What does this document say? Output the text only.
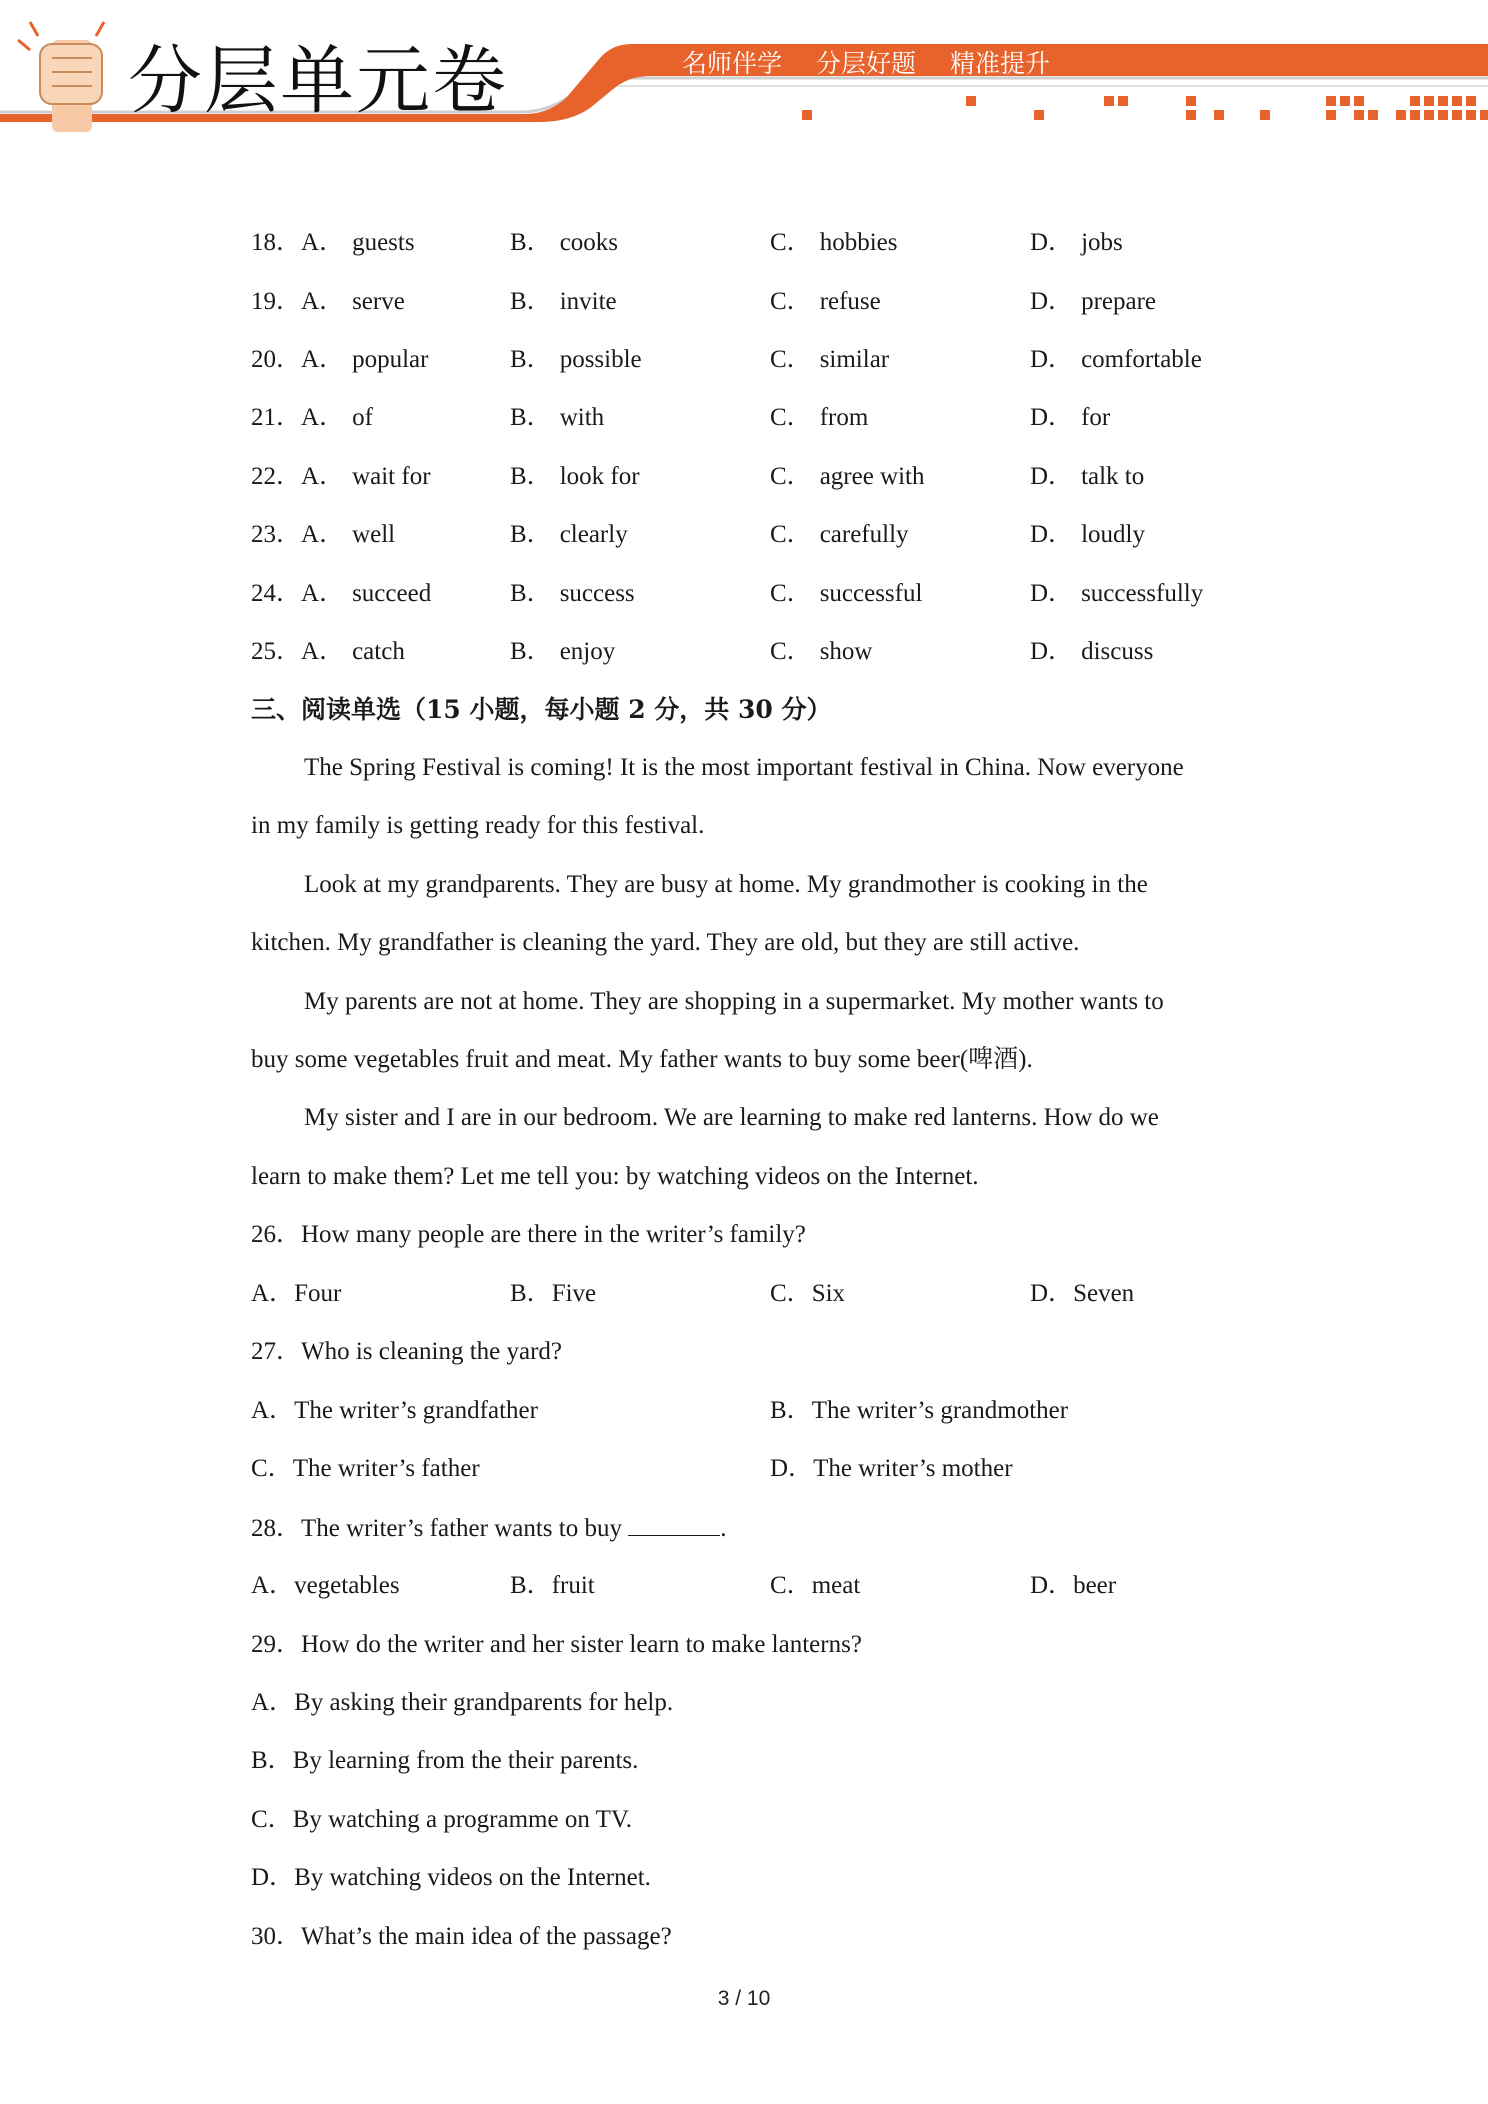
分层单元卷	名师伴学 分层好题 精准提升
18．A． guests	B． cooks	C． hobbies	D． jobs
19．A． serve	B． invite	C． refuse	D． prepare
20．A． popular	B． possible	C． similar	D． comfortable
21．A． of	B． with	C． from	D． for
22．A． wait for	B． look for	C． agree with	D． talk to
23．A． well	B． clearly	C． carefully	D． loudly
24．A． succeed	B． success	C． successful	D． successfully
25．A． catch	B． enjoy	C． show	D． discuss
三、阅读单选（15 小题，每小题 2 分，共 30 分）
The Spring Festival is coming! It is the most important festival in China. Now everyone
in my family is getting ready for this festival.
Look at my grandparents. They are busy at home. My grandmother is cooking in the
kitchen. My grandfather is cleaning the yard. They are old, but they are still active.
My parents are not at home. They are shopping in a supermarket. My mother wants to
buy some vegetables fruit and meat. My father wants to buy some beer(啤酒).
My sister and I are in our bedroom. We are learning to make red lanterns. How do we
learn to make them? Let me tell you: by watching videos on the Internet.
26．How many people are there in the writer’s family?
A．Four	B．Five	C．Six	D．Seven
27．Who is cleaning the yard?
A．The writer’s grandfather	B．The writer’s grandmother
C．The writer’s father	D．The writer’s mother
28．The writer’s father wants to buy	.
A．vegetables	B．fruit	C．meat	D．beer
29．How do the writer and her sister learn to make lanterns?
A．By asking their grandparents for help.
B．By learning from the their parents.
C．By watching a programme on TV.
D．By watching videos on the Internet.
30．What’s the main idea of the passage?
3 / 10
